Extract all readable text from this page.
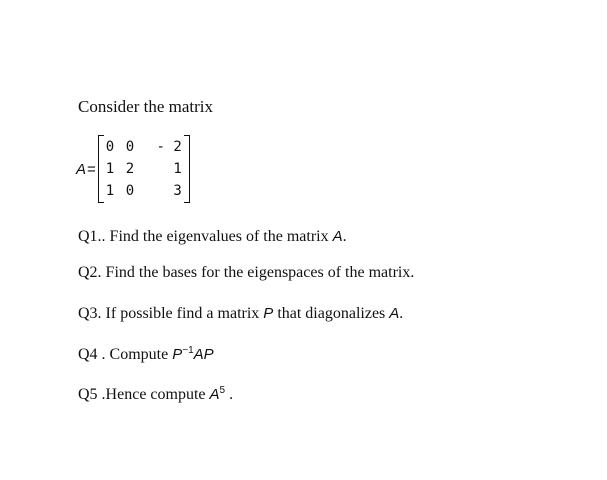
Consider the matrix
A =
0 0	- 2
1 2	1
1 0	3
Q1.. Find the eigenvalues of the matrix A.
Q2. Find the bases for the eigenspaces of the matrix.
Q3. If possible find a matrix P that diagonalizes A.
Q4 . Compute $P^{-1}AP$
Q5 .Hence compute $A^5$ .
